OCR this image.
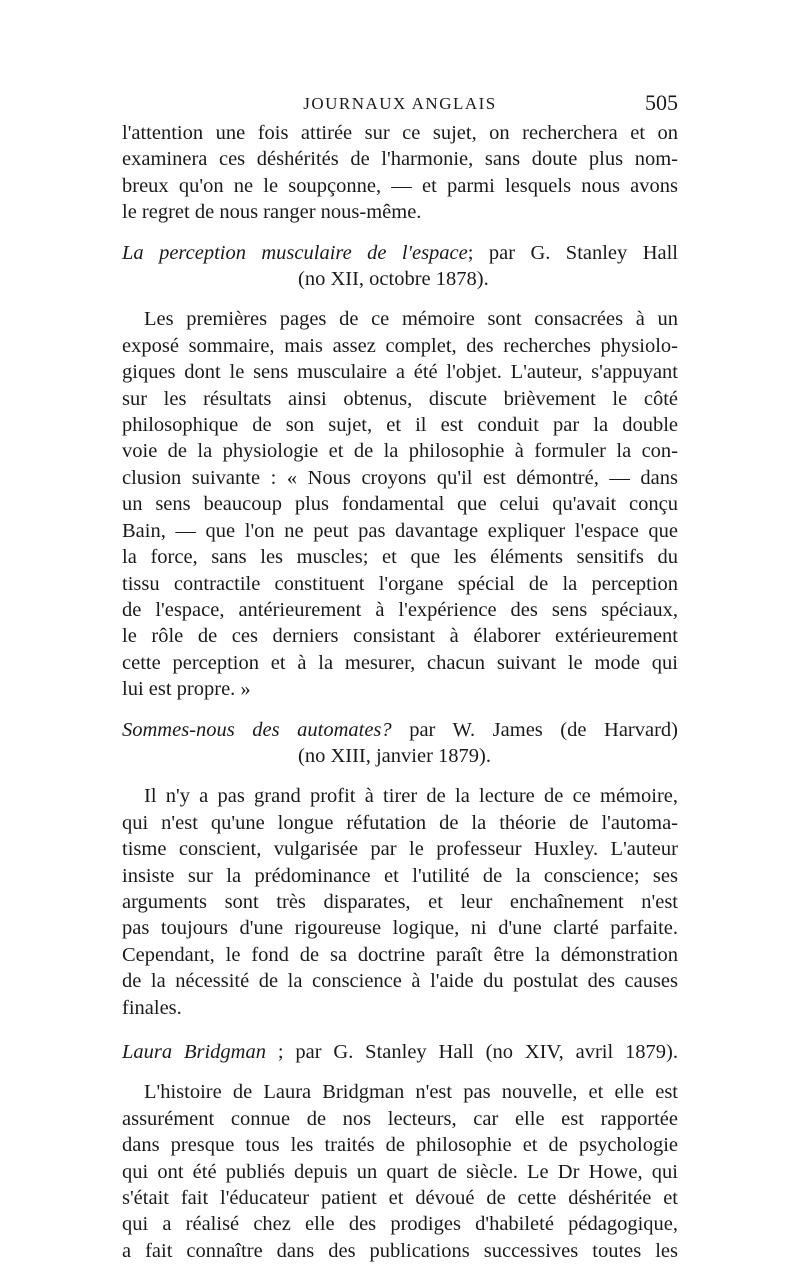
JOURNAUX ANGLAIS	505

l'attention une fois attirée sur ce sujet, on recherchera et on
examinera ces déshérités de l'harmonie, sans doute plus nom-
breux qu'on ne le soupçonne, — et parmi lesquels nous avons
le regret de nous ranger nous-même.

La perception musculaire de l'espace; par G. Stanley Hall
(no XII, octobre 1878).

Les premières pages de ce mémoire sont consacrées à un
exposé sommaire, mais assez complet, des recherches physiolo-
giques dont le sens musculaire a été l'objet. L'auteur, s'appuyant
sur les résultats ainsi obtenus, discute brièvement le côté
philosophique de son sujet, et il est conduit par la double
voie de la physiologie et de la philosophie à formuler la con-
clusion suivante : « Nous croyons qu'il est démontré, — dans
un sens beaucoup plus fondamental que celui qu'avait conçu
Bain, — que l'on ne peut pas davantage expliquer l'espace que
la force, sans les muscles; et que les éléments sensitifs du
tissu contractile constituent l'organe spécial de la perception
de l'espace, antérieurement à l'expérience des sens spéciaux,
le rôle de ces derniers consistant à élaborer extérieurement
cette perception et à la mesurer, chacun suivant le mode qui
lui est propre. »

Sommes-nous des automates? par W. James (de Harvard)
(no XIII, janvier 1879).

Il n'y a pas grand profit à tirer de la lecture de ce mémoire,
qui n'est qu'une longue réfutation de la théorie de l'automa-
tisme conscient, vulgarisée par le professeur Huxley. L'auteur
insiste sur la prédominance et l'utilité de la conscience; ses
arguments sont très disparates, et leur enchaînement n'est
pas toujours d'une rigoureuse logique, ni d'une clarté parfaite.
Cependant, le fond de sa doctrine paraît être la démonstration
de la nécessité de la conscience à l'aide du postulat des causes
finales.

Laura Bridgman ; par G. Stanley Hall (no XIV, avril 1879).

L'histoire de Laura Bridgman n'est pas nouvelle, et elle est
assurément connue de nos lecteurs, car elle est rapportée
dans presque tous les traités de philosophie et de psychologie
qui ont été publiés depuis un quart de siècle. Le Dr Howe, qui
s'était fait l'éducateur patient et dévoué de cette déshéritée et
qui a réalisé chez elle des prodiges d'habileté pédagogique,
a fait connaître dans des publications successives toutes les
